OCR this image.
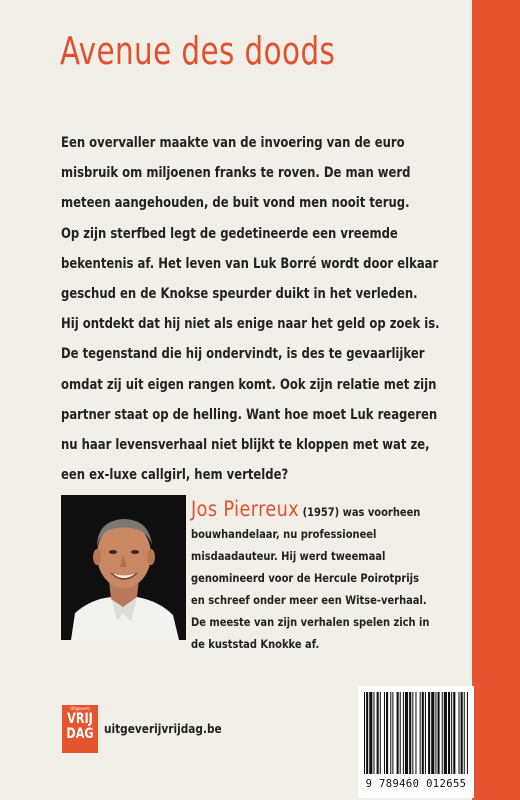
Avenue des doods
Een overvaller maakte van de invoering van de euro
misbruik om miljoenen franks te roven. De man werd
meteen aangehouden, de buit vond men nooit terug.
Op zijn sterfbed legt de gedetineerde een vreemde
bekentenis af. Het leven van Luk Borré wordt door elkaar
geschud en de Knokse speurder duikt in het verleden.
Hij ontdekt dat hij niet als enige naar het geld op zoek is.
De tegenstand die hij ondervindt, is des te gevaarlijker
omdat zij uit eigen rangen komt. Ook zijn relatie met zijn
partner staat op de helling. Want hoe moet Luk reageren
nu haar levensverhaal niet blijkt te kloppen met wat ze,
een ex-luxe callgirl, hem vertelde?
Jos Pierreux (1957) was voorheen
bouwhandelaar, nu professioneel
misdaadauteur. Hij werd tweemaal
genomineerd voor de Hercule Poirotprijs
en schreef onder meer een Witse-verhaal.
De meeste van zijn verhalen spelen zich in
de kuststad Knokke af.
Uitgeverij
VRIJ
DAG uitgeverijvrijdag.be
9 789460 012655
